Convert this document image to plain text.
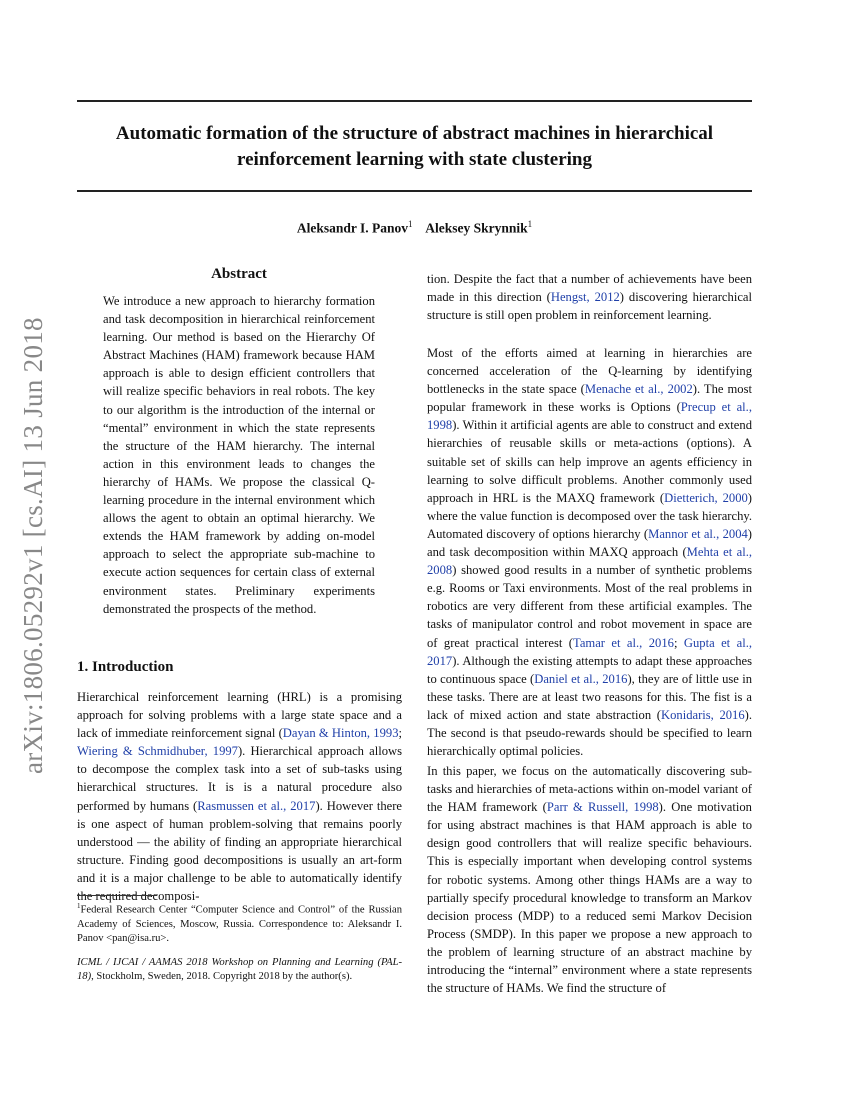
Automatic formation of the structure of abstract machines in hierarchical reinforcement learning with state clustering
Aleksandr I. Panov$^1$ Aleksey Skrynnik$^1$
arXiv:1806.05292v1 [cs.AI] 13 Jun 2018
Abstract

We introduce a new approach to hierarchy formation and task decomposition in hierarchical reinforcement learning. Our method is based on the Hierarchy Of Abstract Machines (HAM) framework because HAM approach is able to design efficient controllers that will realize specific behaviors in real robots. The key to our algorithm is the introduction of the internal or “mental” environment in which the state represents the structure of the HAM hierarchy. The internal action in this environment leads to changes the hierarchy of HAMs. We propose the classical Q-learning procedure in the internal environment which allows the agent to obtain an optimal hierarchy. We extends the HAM framework by adding on-model approach to select the appropriate sub-machine to execute action sequences for certain class of external environment states. Preliminary experiments demonstrated the prospects of the method.

1. Introduction

Hierarchical reinforcement learning (HRL) is a promising approach for solving problems with a large state space and a lack of immediate reinforcement signal (Dayan & Hinton, 1993; Wiering & Schmidhuber, 1997). Hierarchical approach allows to decompose the complex task into a set of sub-tasks using hierarchical structures. It is is a natural procedure also performed by humans (Rasmussen et al., 2017). However there is one aspect of human problem-solving that remains poorly understood — the ability of finding an appropriate hierarchical structure. Finding good decompositions is usually an art-form and it is a major challenge to be able to automatically identify the required decomposi-

$^1$Federal Research Center “Computer Science and Control” of the Russian Academy of Sciences, Moscow, Russia. Correspondence to: Aleksandr I. Panov <pan@isa.ru>.

ICML / IJCAI / AAMAS 2018 Workshop on Planning and Learning (PAL-18), Stockholm, Sweden, 2018. Copyright 2018 by the author(s).

tion. Despite the fact that a number of achievements have been made in this direction (Hengst, 2012) discovering hierarchical structure is still open problem in reinforcement learning.

Most of the efforts aimed at learning in hierarchies are concerned acceleration of the Q-learning by identifying bottlenecks in the state space (Menache et al., 2002). The most popular framework in these works is Options (Precup et al., 1998). Within it artificial agents are able to construct and extend hierarchies of reusable skills or meta-actions (options). A suitable set of skills can help improve an agents efficiency in learning to solve difficult problems. Another commonly used approach in HRL is the MAXQ framework (Dietterich, 2000) where the value function is decomposed over the task hierarchy. Automated discovery of options hierarchy (Mannor et al., 2004) and task decomposition within MAXQ approach (Mehta et al., 2008) showed good results in a number of synthetic problems e.g. Rooms or Taxi environments. Most of the real problems in robotics are very different from these artificial examples. The tasks of manipulator control and robot movement in space are of great practical interest (Tamar et al., 2016; Gupta et al., 2017). Although the existing attempts to adapt these approaches to continuous space (Daniel et al., 2016), they are of little use in these tasks. There are at least two reasons for this. The fist is a lack of mixed action and state abstraction (Konidaris, 2016). The second is that pseudo-rewards should be specified to learn hierarchically optimal policies.

In this paper, we focus on the automatically discovering sub-tasks and hierarchies of meta-actions within on-model variant of the HAM framework (Parr & Russell, 1998). One motivation for using abstract machines is that HAM approach is able to design good controllers that will realize specific behaviours. This is especially important when developing control systems for robotic systems. Among other things HAMs are a way to partially specify procedural knowledge to transform an Markov decision process (MDP) to a reduced semi Markov Decision Process (SMDP). In this paper we propose a new approach to the problem of learning structure of an abstract machine by introducing the “internal” environment where a state represents the structure of HAMs. We find the structure of
